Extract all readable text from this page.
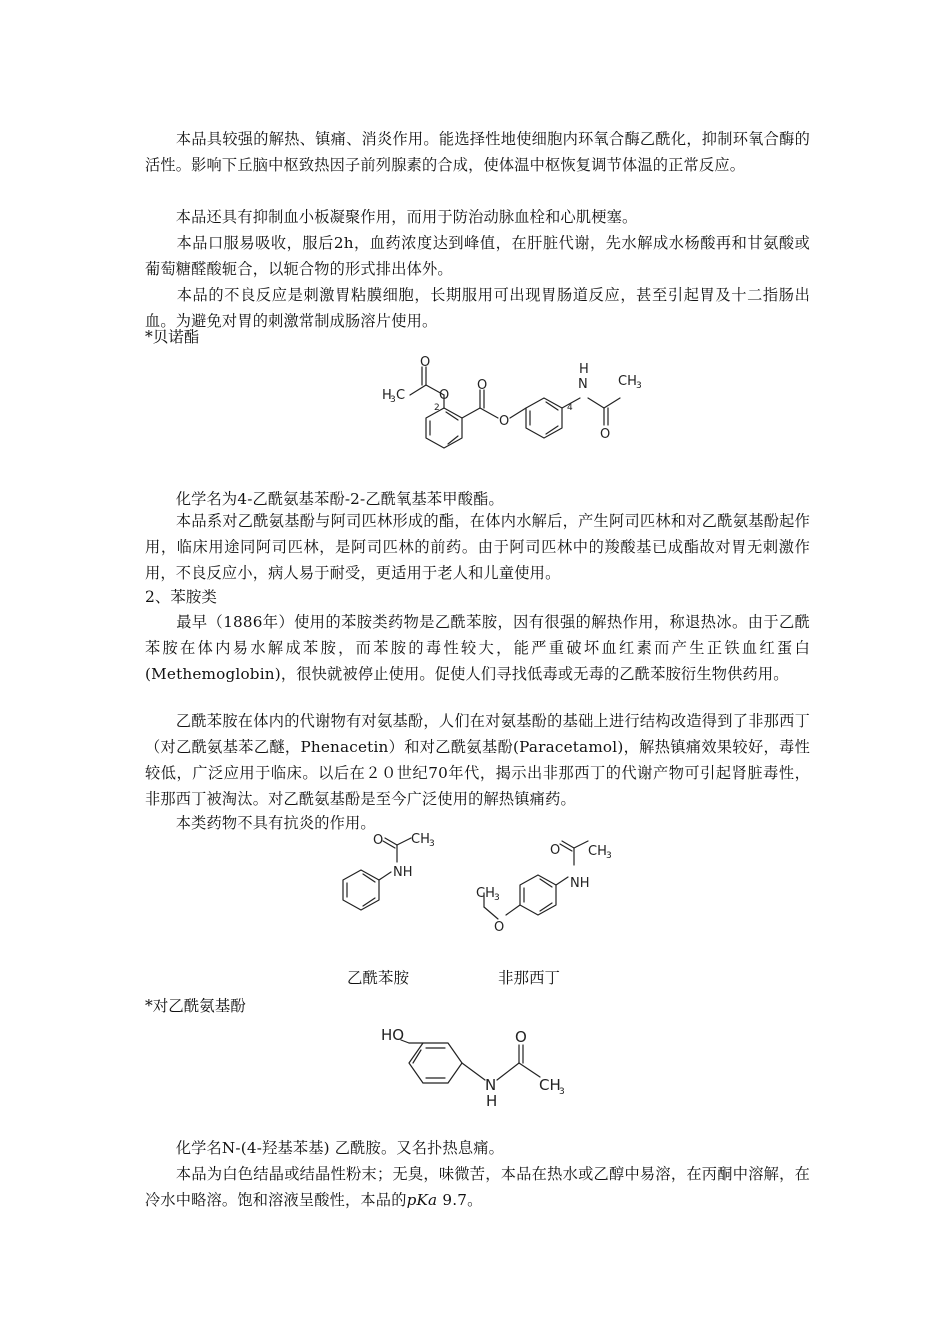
　　本品具较强的解热、镇痛、消炎作用。能选择性地使细胞内环氧合酶乙酰化，抑制环氧合酶的活性。影响下丘脑中枢致热因子前列腺素的合成，使体温中枢恢复调节体温的正常反应。

　　本品还具有抑制血小板凝聚作用，而用于防治动脉血栓和心肌梗塞。

　　本品口服易吸收，服后2h，血药浓度达到峰值，在肝脏代谢，先水解成水杨酸再和甘氨酸或葡萄糖醛酸轭合，以轭合物的形式排出体外。

　　本品的不良反应是刺激胃粘膜细胞，长期服用可出现胃肠道反应，甚至引起胃及十二指肠出血。为避免对胃的刺激常制成肠溶片使用。

*贝诺酯

O
O
H
3 C
2
O
O
4
H
N
O
CH 3

　　化学名为4-乙酰氨基苯酚-2-乙酰氧基苯甲酸酯。

　　本品系对乙酰氨基酚与阿司匹林形成的酯，在体内水解后，产生阿司匹林和对乙酰氨基酚起作用，临床用途同阿司匹林，是阿司匹林的前药。由于阿司匹林中的羧酸基已成酯故对胃无刺激作用，不良反应小，病人易于耐受，更适用于老人和儿童使用。

2、苯胺类

　　最早（1886年）使用的苯胺类药物是乙酰苯胺，因有很强的解热作用，称退热冰。由于乙酰苯胺在体内易水解成苯胺，而苯胺的毒性较大，能严重破坏血红素而产生正铁血红蛋白(Methemoglobin)，很快就被停止使用。促使人们寻找低毒或无毒的乙酰苯胺衍生物供药用。

　　乙酰苯胺在体内的代谢物有对氨基酚，人们在对氨基酚的基础上进行结构改造得到了非那西丁（对乙酰氨基苯乙醚，Phenacetin）和对乙酰氨基酚(Paracetamol)，解热镇痛效果较好，毒性较低，广泛应用于临床。以后在２０世纪70年代，揭示出非那西丁的代谢产物可引起肾脏毒性，非那西丁被淘汰。对乙酰氨基酚是至今广泛使用的解热镇痛药。

　　本类药物不具有抗炎的作用。

O CH 3
NH
O CH 3
NH
O
CH 3

乙酰苯胺	非那西丁

*对乙酰氨基酚

HO	O
N
H
CH
3

　　化学名N-(4-羟基苯基) 乙酰胺。又名扑热息痛。

　　本品为白色结晶或结晶性粉末；无臭，味微苦，本品在热水或乙醇中易溶，在丙酮中溶解，在冷水中略溶。饱和溶液呈酸性，本品的pKa 9.7。
